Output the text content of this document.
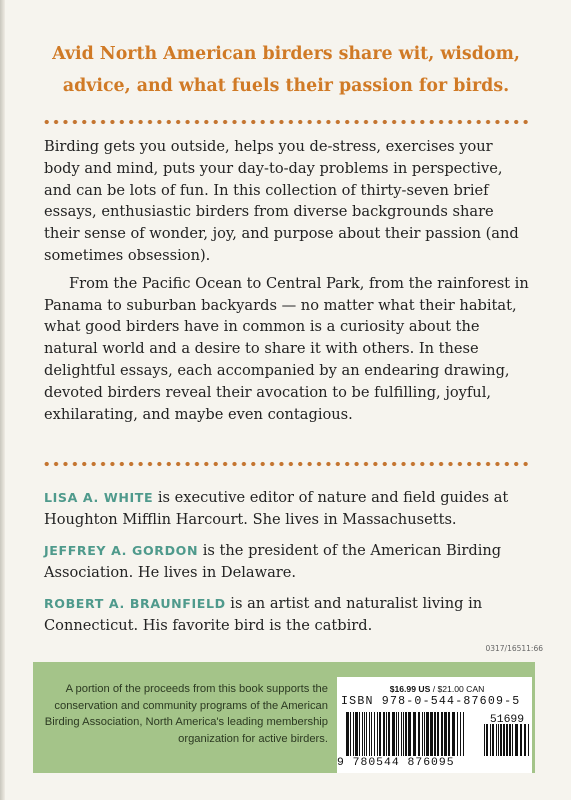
Avid North American birders share wit, wisdom, advice, and what fuels their passion for birds.

Birding gets you outside, helps you de-stress, exercises your body and mind, puts your day-to-day problems in perspective, and can be lots of fun. In this collection of thirty-seven brief essays, enthusiastic birders from diverse backgrounds share their sense of wonder, joy, and purpose about their passion (and sometimes obsession).

From the Pacific Ocean to Central Park, from the rainforest in Panama to suburban backyards — no matter what their habitat, what good birders have in common is a curiosity about the natural world and a desire to share it with others. In these delightful essays, each accompanied by an endearing drawing, devoted birders reveal their avocation to be fulfilling, joyful, exhilarating, and maybe even contagious.

LISA A. WHITE is executive editor of nature and field guides at Houghton Mifflin Harcourt. She lives in Massachusetts.

JEFFREY A. GORDON is the president of the American Birding Association. He lives in Delaware.

ROBERT A. BRAUNFIELD is an artist and naturalist living in Connecticut. His favorite bird is the catbird.

0317/16511:66
A portion of the proceeds from this book supports the conservation and community programs of the American Birding Association, North America's leading membership organization for active birders.
$16.99 US / $21.00 CAN
ISBN 978-0-544-87609-5
51699
9 780544 876095
